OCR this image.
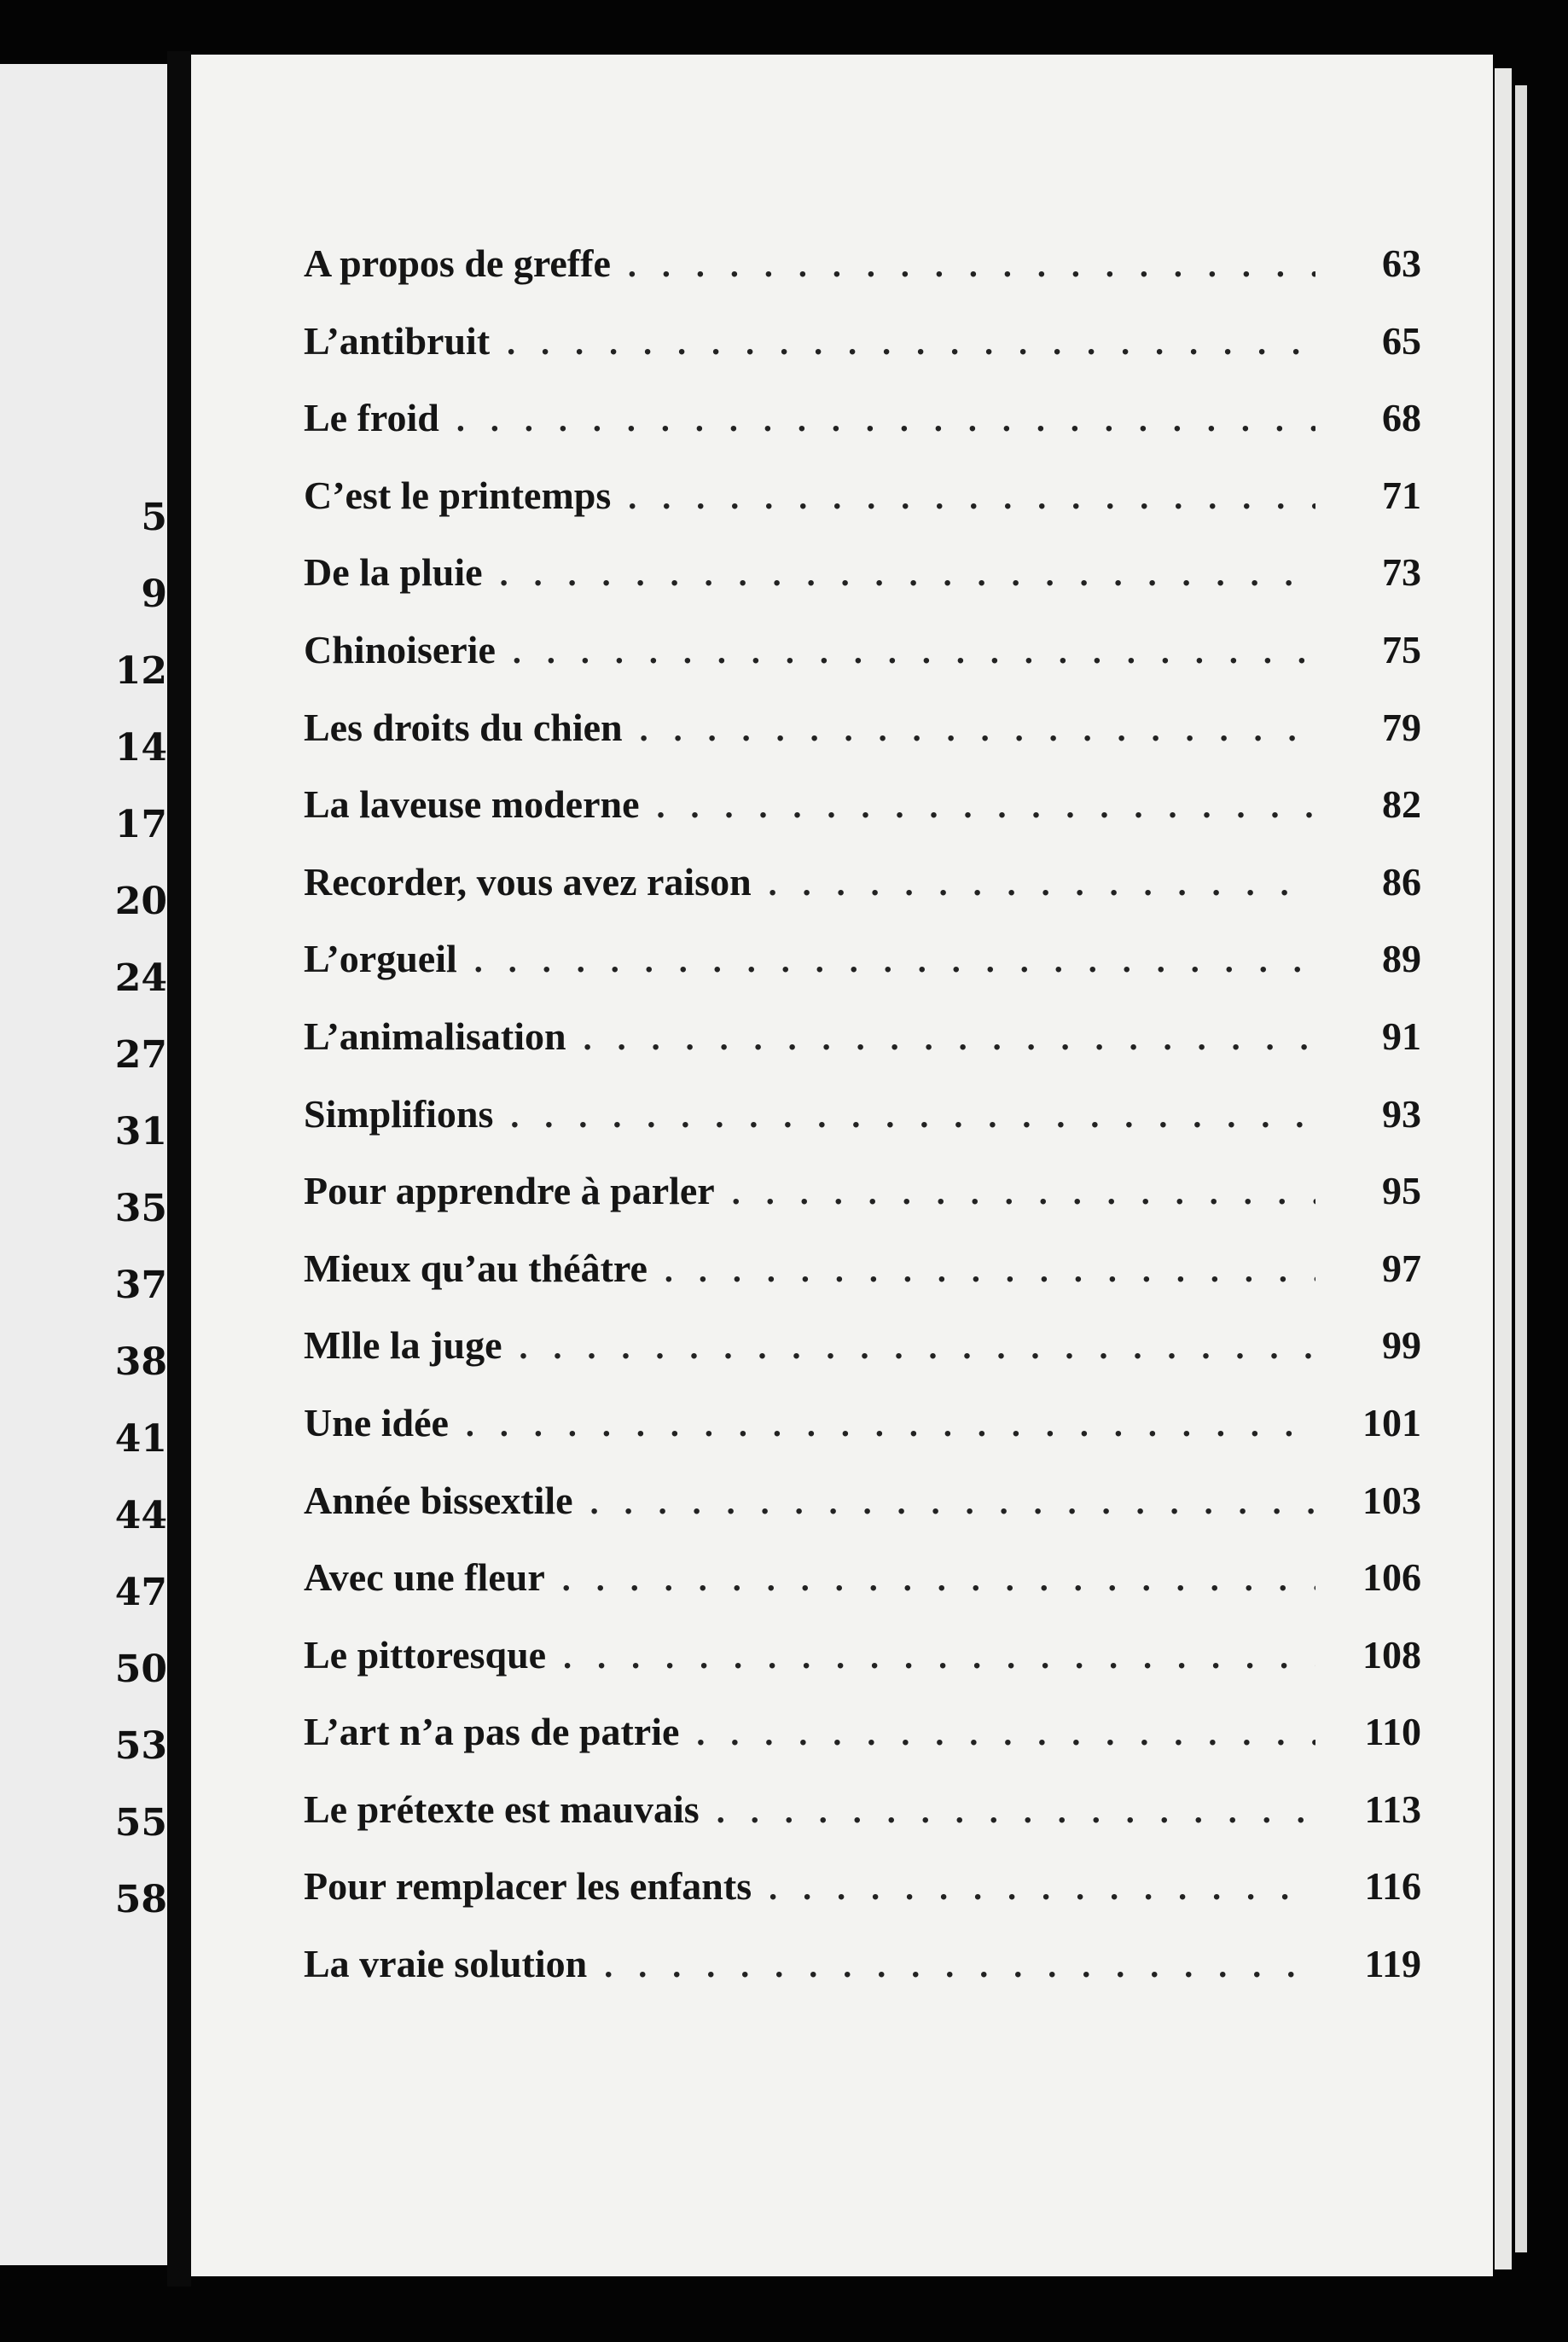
5
9
12
14
17
20
24
27
31
35
37
38
41
44
47
50
53
55
58
A propos de greffe . . .	63
L’antibruit . . .	65
Le froid . . .	68
C’est le printemps . . .	71
De la pluie . . .	73
Chinoiserie . . .	75
Les droits du chien . . .	79
La laveuse moderne . . .	82
Recorder, vous avez raison . . .	86
L’orgueil . . .	89
L’animalisation . . .	91
Simplifions . . .	93
Pour apprendre à parler . . .	95
Mieux qu’au théâtre . . .	97
Mlle la juge . . .	99
Une idée . . .	101
Année bissextile . . .	103
Avec une fleur . . .	106
Le pittoresque . . .	108
L’art n’a pas de patrie . . .	110
Le prétexte est mauvais . . .	113
Pour remplacer les enfants . . .	116
La vraie solution . . .	119
